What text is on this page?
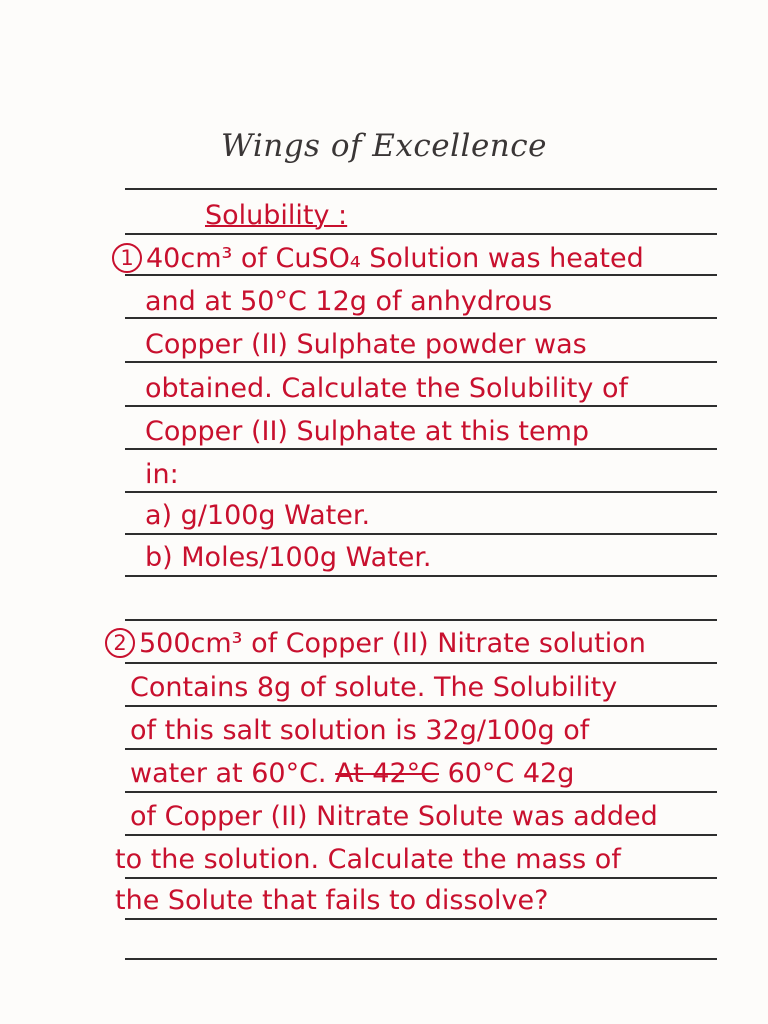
Wings of Excellence
Solubility :
1 40cm³ of CuSO₄ Solution was heated
and at 50°C 12g of anhydrous
Copper (II) Sulphate powder was
obtained. Calculate the Solubility of
Copper (II) Sulphate at this temp
in:
a) g/100g Water.
b) Moles/100g Water.
2 500cm³ of Copper (II) Nitrate solution
Contains 8g of solute. The Solubility
of this salt solution is 32g/100g of
water at 60°C. At 42°C 60°C 42g
of Copper (II) Nitrate Solute was added
to the solution. Calculate the mass of
the Solute that fails to dissolve?
